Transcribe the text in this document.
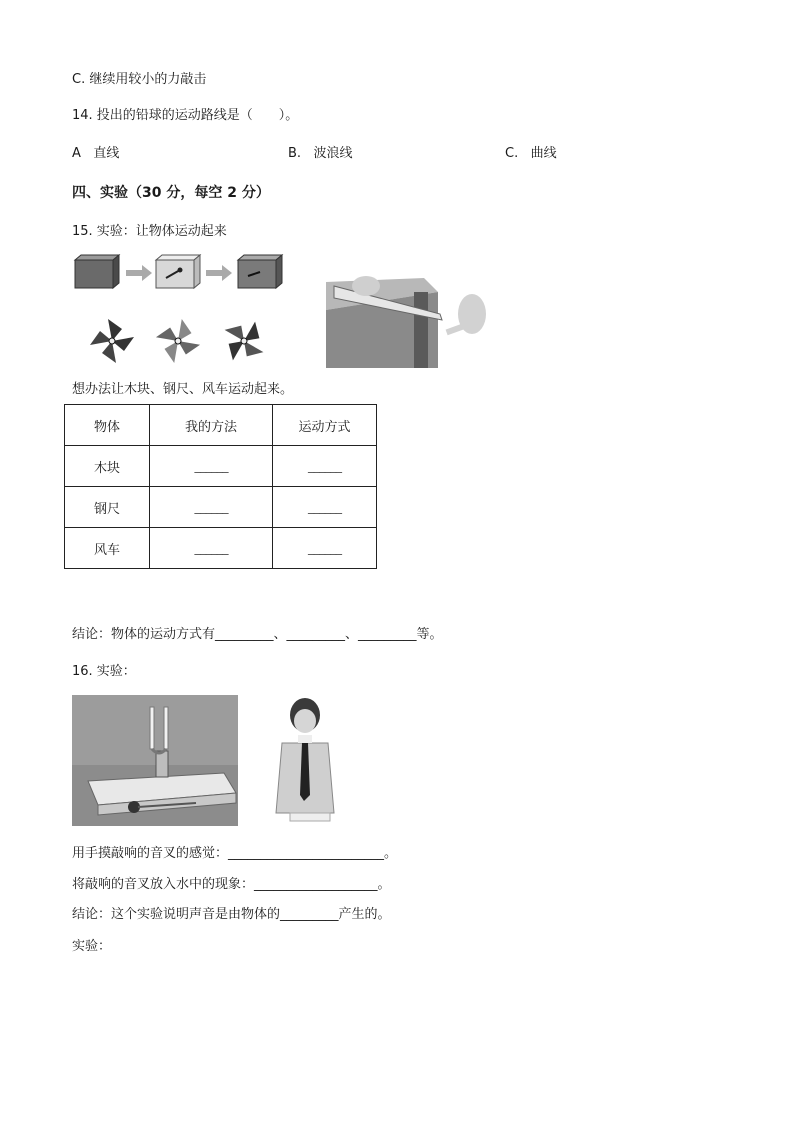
C. 继续用较小的力敲击
14. 投出的铅球的运动路线是（　　）。
A 直线	B. 波浪线	C. 曲线
四、实验（30 分，每空 2 分）
15. 实验：让物体运动起来
想办法让木块、钢尺、风车运动起来。
物体	我的方法	运动方式
木块	______	______
钢尺	______	______
风车	______	______
结论：物体的运动方式有_________、_________、_________等。
16. 实验：
用手摸敲响的音叉的感觉：________________________。
将敲响的音叉放入水中的现象：___________________。
结论：这个实验说明声音是由物体的_________产生的。
实验：
